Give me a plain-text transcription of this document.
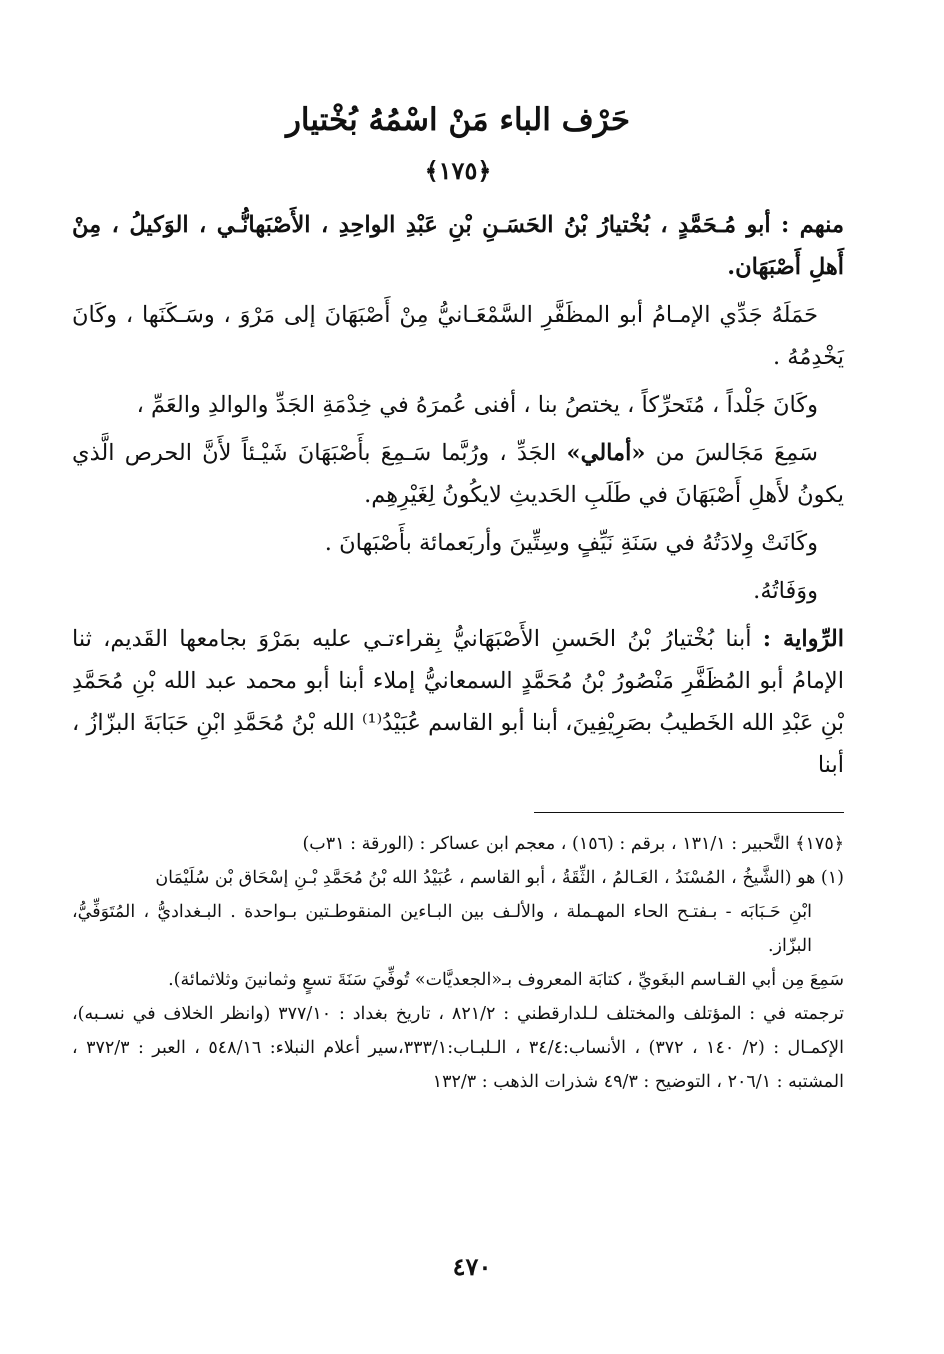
حَرْف الباء مَنْ اسْمُهُ بُخْتيار
﴿١٧٥﴾

منهم : أبو مُـحَمَّدٍ ، بُخْتيارُ بْنُ الحَسَـنِ بْنِ عَبْدِ الواحِدِ ، الأَصْبَهانُّـي ، الوَكيلُ ، مِنْ أَهلِ أَصْبَهَان.

حَمَلَهُ جَدِّي الإمـامُ أبو المظَفَّرِ السَّمْعَـانيُّ مِنْ أَصْبَهَانَ إلى مَرْوَ ، وسَـكَنَها ، وكَانَ يَخْدِمُهُ .

وكَانَ جَلْداً ، مُتَحرِّكاً ، يختصُ بنا ، أفنى عُمرَهُ في خِدْمَةِ الجَدِّ والوالدِ والعَمِّ ،

سَمِعَ مَجَالسَ من «أمالي» الجَدِّ ، ورُبَّما سَـمِعَ بأَصْبَهَانَ شَيْـئاً لأَنَّ الحرص الَّذي يكونُ لأَهلِ أَصْبَهَانَ في طَلَبِ الحَديثِ لايكُونُ لِغَيْرِهِم.

وكَانَتْ وِلادَتُهُ في سَنَةِ نَيِّفٍ وسِتِّينَ وأربَعمائة بأَصْبَهانَ .

ووَفَاتُهُ.

الرِّواية : أبنا بُخْتيارُ بْنُ الحَسنِ الأَصْبَهَانيُّ بِقراءتـي عليه بمَرْوَ بجامعها القَديم، ثنا الإمامُ أبو المُظَفَّرِ مَنْصُورُ بْنُ مُحَمَّدٍ السمعانيُّ إملاء أبنا أبو محمد عبد الله بْنِ مُحَمَّدِ بْنِ عَبْدِ الله الخَطيبُ بصَرِيْفِينَ، أبنا أبو القاسم عُبَيْدُ⁽¹⁾ الله بْنُ مُحَمَّدِ ابْنِ حَبَابَةَ البزّازُ ، أبنا

﴿١٧٥﴾ التَّحبير : ١٣١/١ ، برقم : (١٥٦) ، معجم ابن عساكر : (الورقة : ٣١ب)

(١) هو (الشَّيخُ ، المُسْنَدُ ، العَـالمُ ، الثِّقَةُ ، أبو القاسم ، عُبَيْدُ الله بْنُ مُحَمَّدِ بْـنِ إسْحَاق بْن سُلَيْمَان

ابْنِ حَـبَابَه - بـفتـح الحاء المهـملة ، والألـف بين البـاءين المنقوطـتين بـواحدة . البـغداديُّ ، المُتَوَفِّيُّ، البزّاز.

سَمِعَ مِن أبي القـاسم البغَويِّ ، كتابَة المعروف بـ«الجعديَّات» تُوفِّيَ سَنَةَ تسعٍ وثمانينَ وثلاثمائة).

ترجمته في : المؤتلف والمختلف لـلدارقطني : ٨٢١/٢ ، تاريخ بغداد : ٣٧٧/١٠ (وانظر الخلاف في نسـبه)، الإكمـال : (٢/ ١٤٠ ، ٣٧٢) ، الأنساب:٣٤/٤ ، الـلبـاب:٣٣٣/١،سير أعلام النبلاء: ٥٤٨/١٦ ، العبر : ٣٧٢/٣ ، المشتبه : ٢٠٦/١ ، التوضيح : ٤٩/٣ شذرات الذهب : ١٣٢/٣

٤٧٠
